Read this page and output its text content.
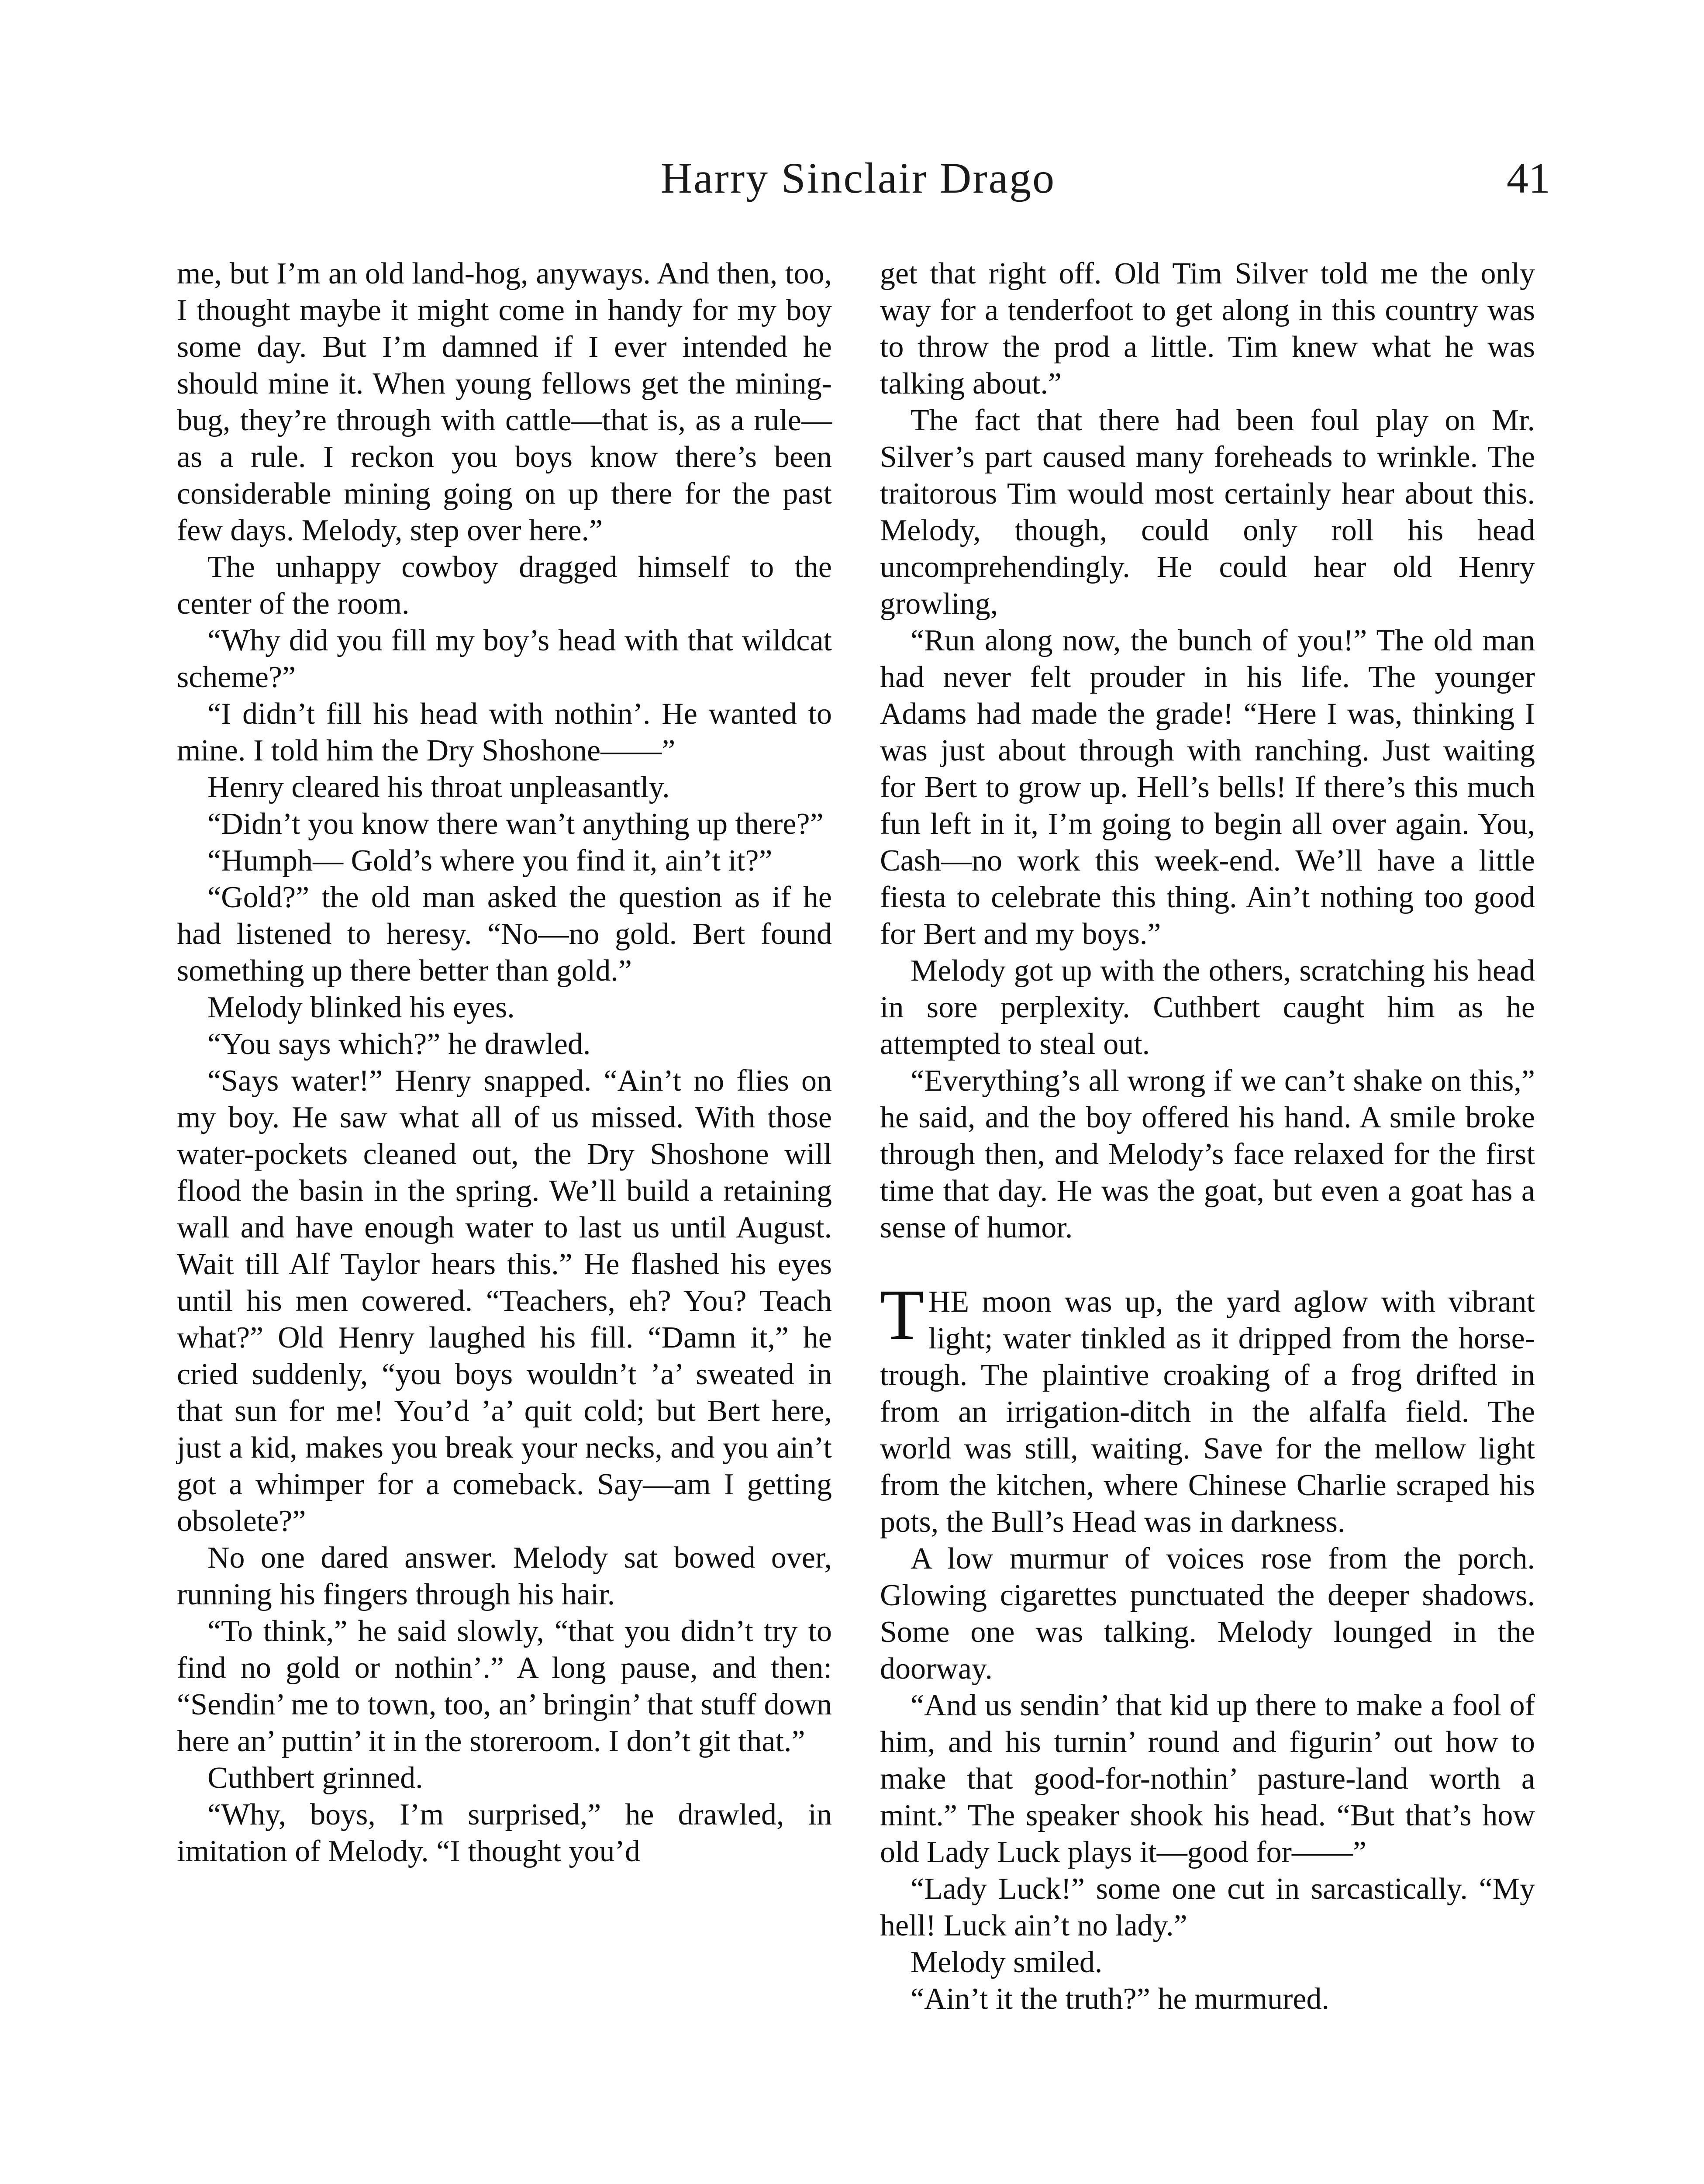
Harry Sinclair Drago	41

me, but I’m an old land-hog, anyways. And then, too, I thought maybe it might come in handy for my boy some day. But I’m damned if I ever intended he should mine it. When young fellows get the mining-bug, they’re through with cattle—that is, as a rule—as a rule. I reckon you boys know there’s been considerable mining going on up there for the past few days. Melody, step over here.”

The unhappy cowboy dragged himself to the center of the room.

“Why did you fill my boy’s head with that wildcat scheme?”

“I didn’t fill his head with nothin’. He wanted to mine. I told him the Dry Shoshone——”

Henry cleared his throat unpleasantly.

“Didn’t you know there wan’t anything up there?”

“Humph— Gold’s where you find it, ain’t it?”

“Gold?” the old man asked the question as if he had listened to heresy. “No—no gold. Bert found something up there better than gold.”

Melody blinked his eyes.

“You says which?” he drawled.

“Says water!” Henry snapped. “Ain’t no flies on my boy. He saw what all of us missed. With those water-pockets cleaned out, the Dry Shoshone will flood the basin in the spring. We’ll build a retaining wall and have enough water to last us until August. Wait till Alf Taylor hears this.” He flashed his eyes until his men cowered. “Teachers, eh? You? Teach what?” Old Henry laughed his fill. “Damn it,” he cried suddenly, “you boys wouldn’t ’a’ sweated in that sun for me! You’d ’a’ quit cold; but Bert here, just a kid, makes you break your necks, and you ain’t got a whimper for a comeback. Say—am I getting obsolete?”

No one dared answer. Melody sat bowed over, running his fingers through his hair.

“To think,” he said slowly, “that you didn’t try to find no gold or nothin’.” A long pause, and then: “Sendin’ me to town, too, an’ bringin’ that stuff down here an’ puttin’ it in the storeroom. I don’t git that.”

Cuthbert grinned.

“Why, boys, I’m surprised,” he drawled, in imitation of Melody. “I thought you’d

get that right off. Old Tim Silver told me the only way for a tenderfoot to get along in this country was to throw the prod a little. Tim knew what he was talking about.”

The fact that there had been foul play on Mr. Silver’s part caused many foreheads to wrinkle. The traitorous Tim would most certainly hear about this. Melody, though, could only roll his head uncomprehendingly. He could hear old Henry growling,

“Run along now, the bunch of you!” The old man had never felt prouder in his life. The younger Adams had made the grade! “Here I was, thinking I was just about through with ranching. Just waiting for Bert to grow up. Hell’s bells! If there’s this much fun left in it, I’m going to begin all over again. You, Cash—no work this week-end. We’ll have a little fiesta to celebrate this thing. Ain’t nothing too good for Bert and my boys.”

Melody got up with the others, scratching his head in sore perplexity. Cuthbert caught him as he attempted to steal out.

“Everything’s all wrong if we can’t shake on this,” he said, and the boy offered his hand. A smile broke through then, and Melody’s face relaxed for the first time that day. He was the goat, but even a goat has a sense of humor.

THE moon was up, the yard aglow with vibrant light; water tinkled as it dripped from the horse-trough. The plaintive croaking of a frog drifted in from an irrigation-ditch in the alfalfa field. The world was still, waiting. Save for the mellow light from the kitchen, where Chinese Charlie scraped his pots, the Bull’s Head was in darkness.

A low murmur of voices rose from the porch. Glowing cigarettes punctuated the deeper shadows. Some one was talking. Melody lounged in the doorway.

“And us sendin’ that kid up there to make a fool of him, and his turnin’ round and figurin’ out how to make that good-for-nothin’ pasture-land worth a mint.” The speaker shook his head. “But that’s how old Lady Luck plays it—good for——”

“Lady Luck!” some one cut in sarcastically. “My hell! Luck ain’t no lady.”

Melody smiled.

“Ain’t it the truth?” he murmured.
